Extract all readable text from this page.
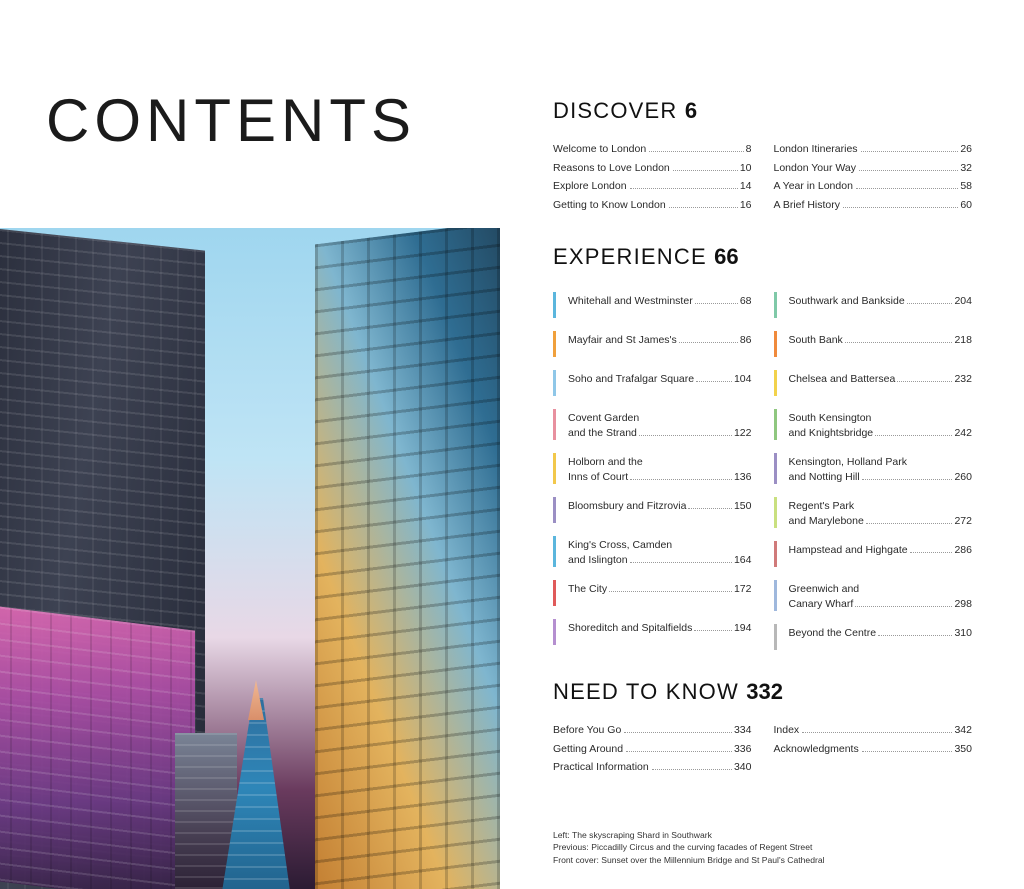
CONTENTS	DISCOVER 6
Welcome to London	8
Reasons to Love London	10
Explore London	14
Getting to Know London	16
London Itineraries	26
London Your Way	32
A Year in London	58
A Brief History	60
EXPERIENCE 66
Whitehall and Westminster	68
Mayfair and St James's	86
Soho and Trafalgar Square	104
Covent Garden
and the Strand	122
Holborn and the
Inns of Court	136
Bloomsbury and Fitzrovia	150
King's Cross, Camden
and Islington	164
The City	172
Shoreditch and Spitalfields	194
Southwark and Bankside	204
South Bank	218
Chelsea and Battersea	232
South Kensington
and Knightsbridge	242
Kensington, Holland Park
and Notting Hill	260
Regent's Park
and Marylebone	272
Hampstead and Highgate	286
Greenwich and
Canary Wharf	298
Beyond the Centre	310
NEED TO KNOW 332
Before You Go	334
Getting Around	336
Practical Information	340
Index	342
Acknowledgments	350
Left: The skyscraping Shard in Southwark
Previous: Piccadilly Circus and the curving facades of Regent Street
Front cover: Sunset over the Millennium Bridge and St Paul's Cathedral
